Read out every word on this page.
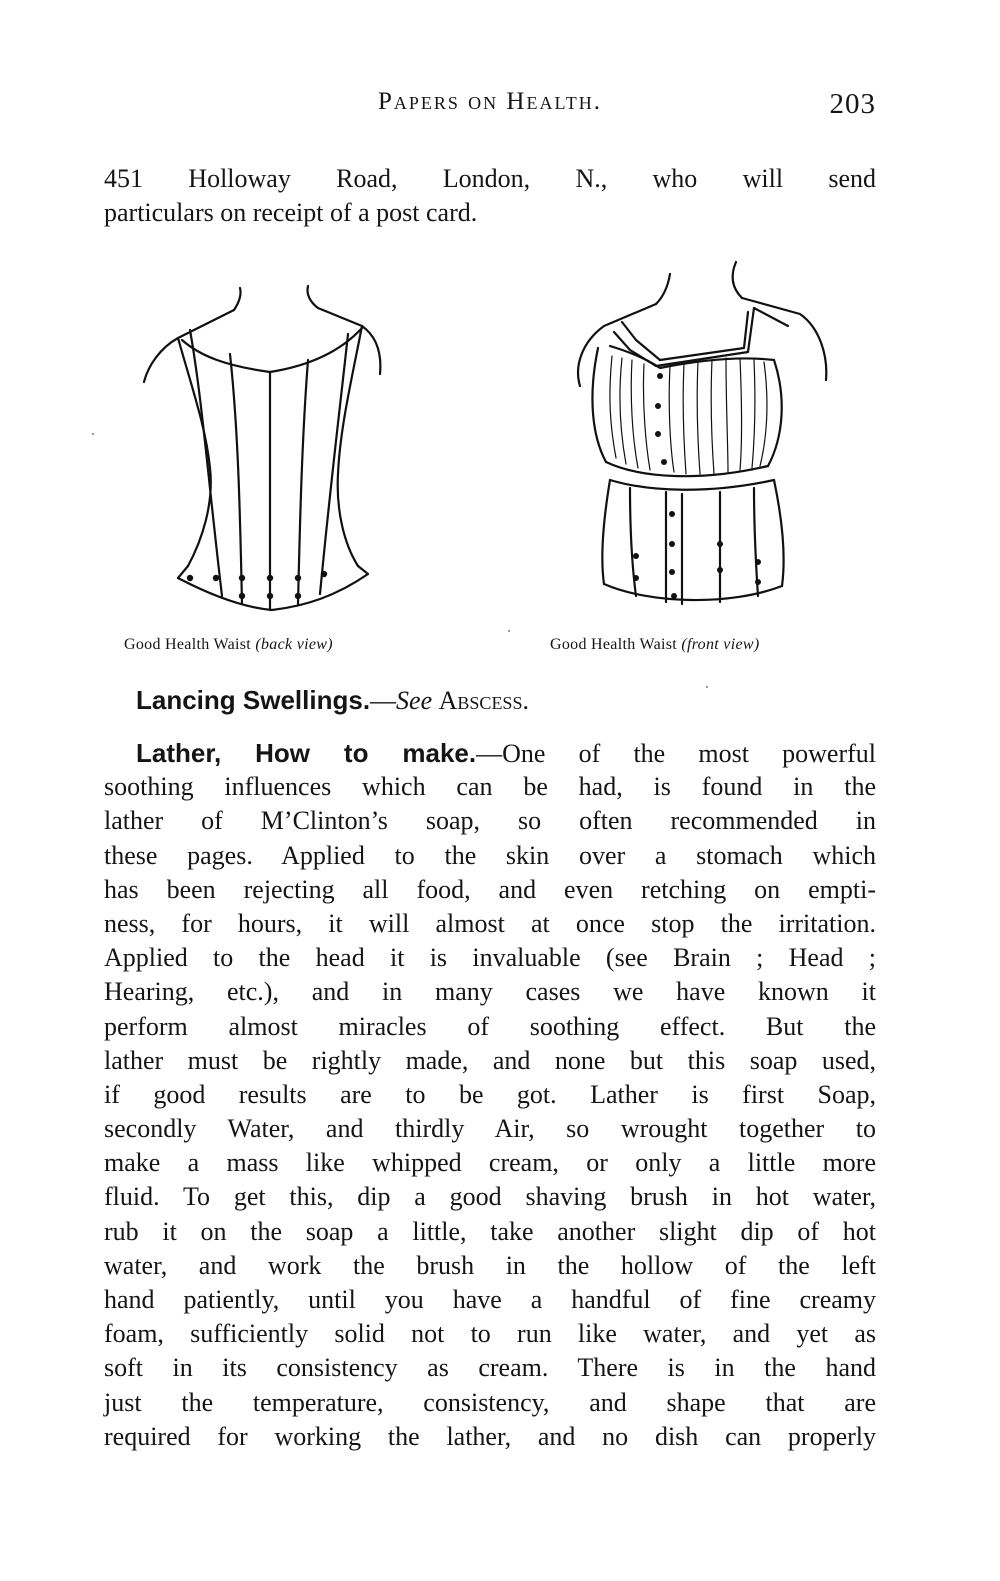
Papers on Health.	203
451 Holloway Road, London, N., who will send
particulars on receipt of a post card.
Good Health Waist (back view)	Good Health Waist (front view)
Lancing Swellings.—See Abscess.
Lather, How to make.—One of the most powerful
soothing influences which can be had, is found in the
lather of M’Clinton’s soap, so often recommended in
these pages. Applied to the skin over a stomach which
has been rejecting all food, and even retching on empti-
ness, for hours, it will almost at once stop the irritation.
Applied to the head it is invaluable (see Brain ; Head ;
Hearing, etc.), and in many cases we have known it
perform almost miracles of soothing effect. But the
lather must be rightly made, and none but this soap used,
if good results are to be got. Lather is first Soap,
secondly Water, and thirdly Air, so wrought together to
make a mass like whipped cream, or only a little more
fluid. To get this, dip a good shaving brush in hot water,
rub it on the soap a little, take another slight dip of hot
water, and work the brush in the hollow of the left
hand patiently, until you have a handful of fine creamy
foam, sufficiently solid not to run like water, and yet as
soft in its consistency as cream. There is in the hand
just the temperature, consistency, and shape that are
required for working the lather, and no dish can properly
